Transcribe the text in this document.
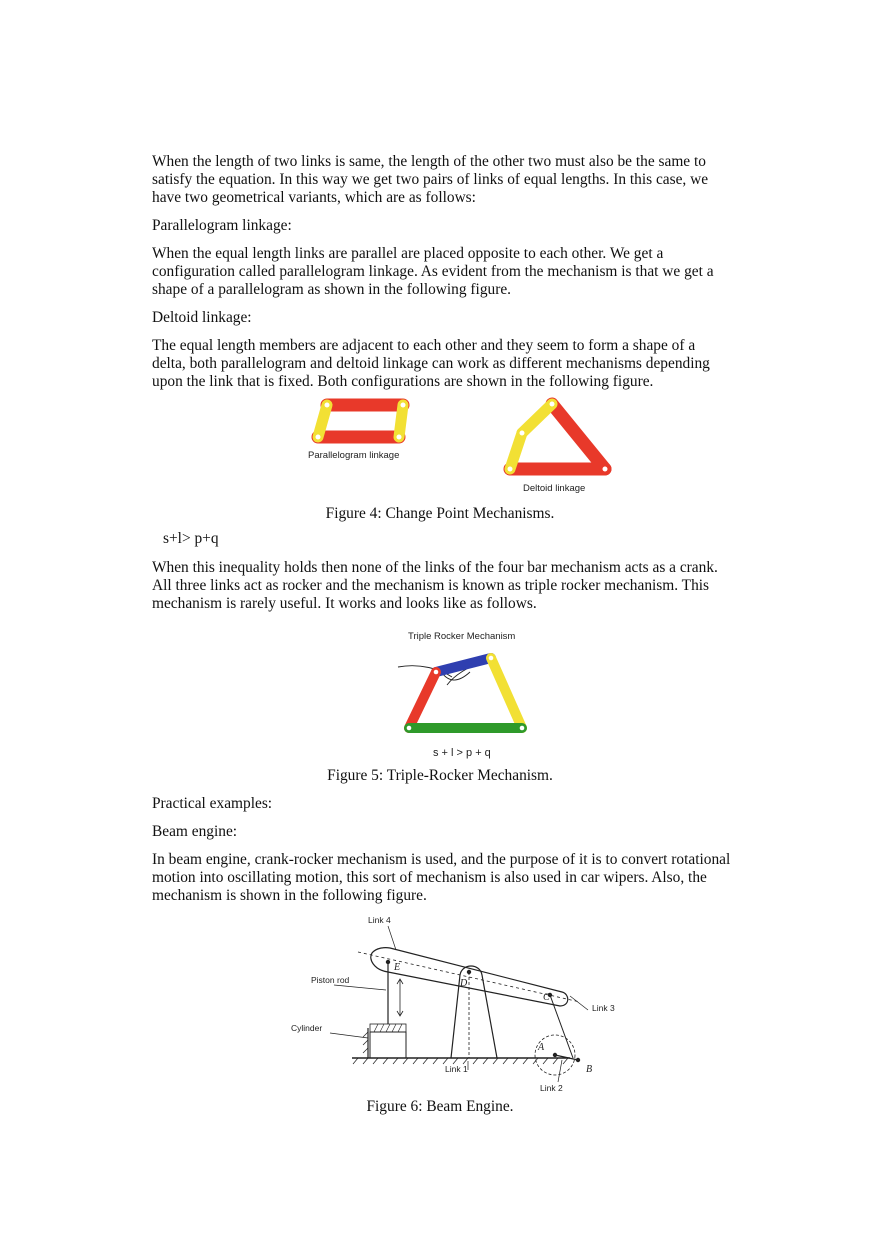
When the length of two links is same, the length of the other two must also be the same to satisfy the equation. In this way we get two pairs of links of equal lengths. In this case, we have two geometrical variants, which are as follows:

Parallelogram linkage:

When the equal length links are parallel are placed opposite to each other. We get a configuration called parallelogram linkage. As evident from the mechanism is that we get a shape of a parallelogram as shown in the following figure.

Deltoid linkage:

The equal length members are adjacent to each other and they seem to form a shape of a delta, both parallelogram and deltoid linkage can work as different mechanisms depending upon the link that is fixed. Both configurations are shown in the following figure.

Parallelogram linkage
Deltoid linkage
Figure 4: Change Point Mechanisms.

s+l> p+q

When this inequality holds then none of the links of the four bar mechanism acts as a crank. All three links act as rocker and the mechanism is known as triple rocker mechanism. This mechanism is rarely useful. It works and looks like as follows.

Triple Rocker Mechanism
s + l > p + q
Figure 5: Triple-Rocker Mechanism.

Practical examples:

Beam engine:

In beam engine, crank-rocker mechanism is used, and the purpose of it is to convert rotational motion into oscillating motion, this sort of mechanism is also used in car wipers. Also, the mechanism is shown in the following figure.

Link 4
Piston rod
Cylinder
Link 1
Link 2
Link 3
E
D
C
A
B
Figure 6: Beam Engine.
